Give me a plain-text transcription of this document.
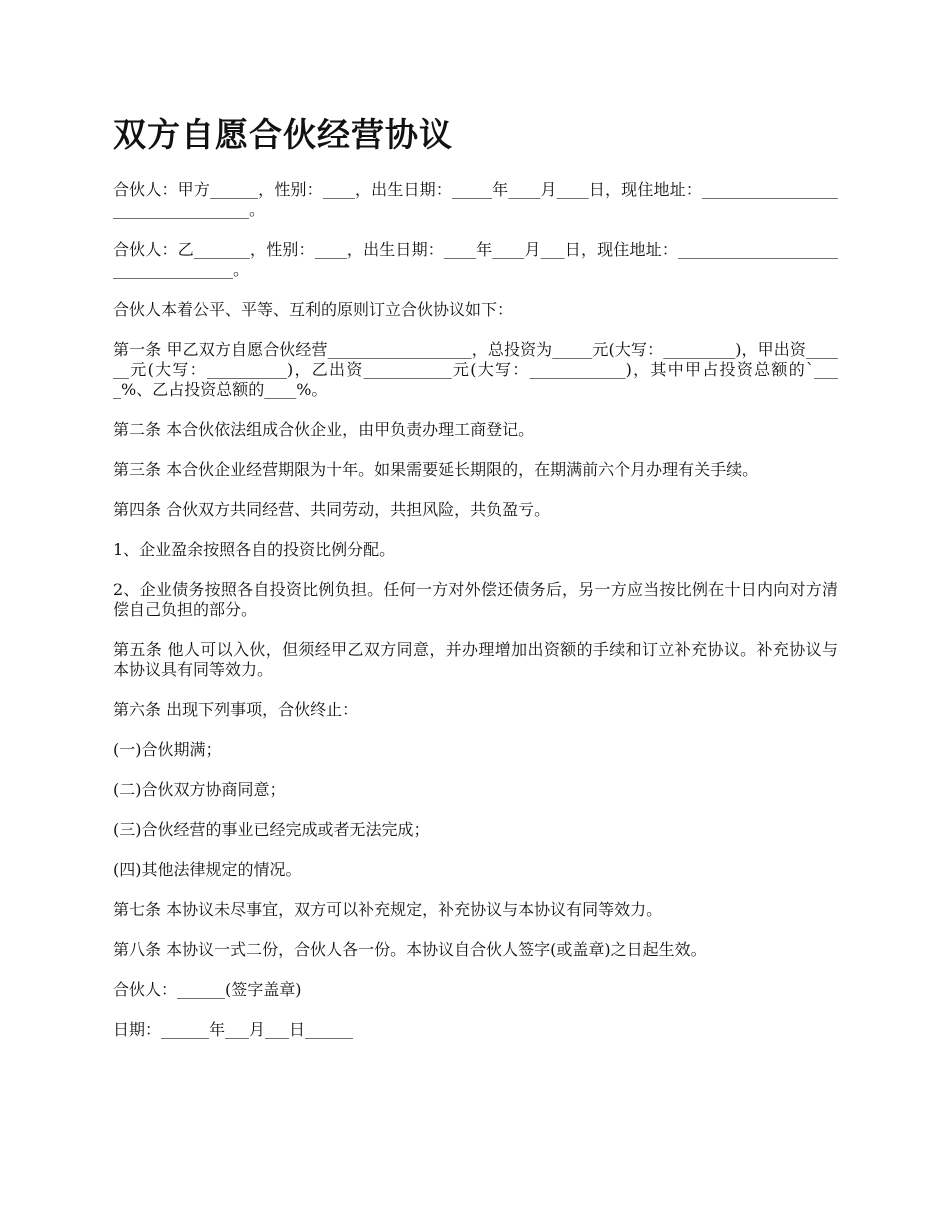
双方自愿合伙经营协议

合伙人：甲方______，性别：____，出生日期：_____年____月____日，现住地址：__________________________________。

合伙人：乙_______，性别：____，出生日期：____年____月___日，现住地址：___________________________________。

合伙人本着公平、平等、互利的原则订立合伙协议如下：

第一条 甲乙双方自愿合伙经营__________________，总投资为_____元(大写：_________)，甲出资______元(大写：__________)，乙出资___________元(大写：____________)，其中甲占投资总额的`____%、乙占投资总额的____%。

第二条 本合伙依法组成合伙企业，由甲负责办理工商登记。

第三条 本合伙企业经营期限为十年。如果需要延长期限的，在期满前六个月办理有关手续。

第四条 合伙双方共同经营、共同劳动，共担风险，共负盈亏。

1、企业盈余按照各自的投资比例分配。

2、企业债务按照各自投资比例负担。任何一方对外偿还债务后，另一方应当按比例在十日内向对方清偿自己负担的部分。

第五条 他人可以入伙，但须经甲乙双方同意，并办理增加出资额的手续和订立补充协议。补充协议与本协议具有同等效力。

第六条 出现下列事项，合伙终止：

(一)合伙期满；

(二)合伙双方协商同意；

(三)合伙经营的事业已经完成或者无法完成；

(四)其他法律规定的情况。

第七条 本协议未尽事宜，双方可以补充规定，补充协议与本协议有同等效力。

第八条 本协议一式二份，合伙人各一份。本协议自合伙人签字(或盖章)之日起生效。

合伙人：______(签字盖章)

日期：______年___月___日______
